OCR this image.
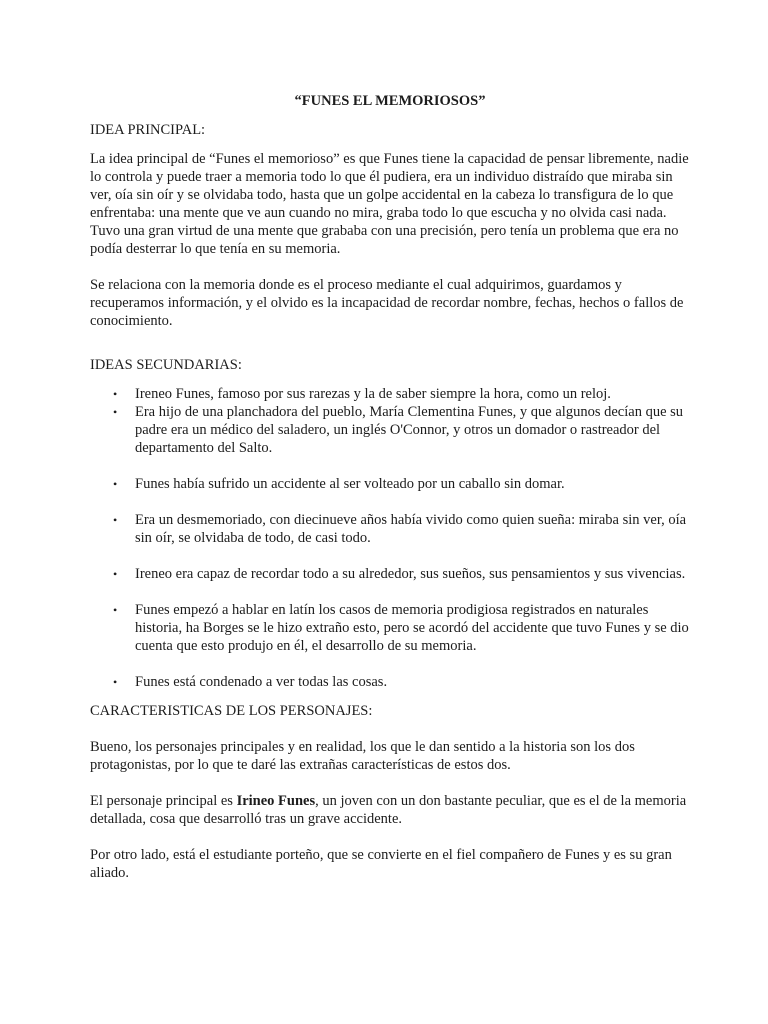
“FUNES EL MEMORIOSOS”
IDEA PRINCIPAL:

La idea principal de “Funes el memorioso” es que Funes tiene la capacidad de pensar libremente, nadie lo controla y puede traer a memoria todo lo que él pudiera, era un individuo distraído que miraba sin ver, oía sin oír y se olvidaba todo, hasta que un golpe accidental en la cabeza lo transfigura de lo que enfrentaba: una mente que ve aun cuando no mira, graba todo lo que escucha y no olvida casi nada. Tuvo una gran virtud de una mente que grababa con una precisión, pero tenía un problema que era no podía desterrar lo que tenía en su memoria.

Se relaciona con la memoria donde es el proceso mediante el cual adquirimos, guardamos y recuperamos información, y el olvido es la incapacidad de recordar nombre, fechas, hechos o fallos de conocimiento.

IDEAS SECUNDARIAS:
• Ireneo Funes, famoso por sus rarezas y la de saber siempre la hora, como un reloj.
• Era hijo de una planchadora del pueblo, María Clementina Funes, y que algunos decían que su padre era un médico del saladero, un inglés O'Connor, y otros un domador o rastreador del departamento del Salto.
• Funes había sufrido un accidente al ser volteado por un caballo sin domar.
• Era un desmemoriado, con diecinueve años había vivido como quien sueña: miraba sin ver, oía sin oír, se olvidaba de todo, de casi todo.
• Ireneo era capaz de recordar todo a su alrededor, sus sueños, sus pensamientos y sus vivencias.
• Funes empezó a hablar en latín los casos de memoria prodigiosa registrados en naturales historia, ha Borges se le hizo extraño esto, pero se acordó del accidente que tuvo Funes y se dio cuenta que esto produjo en él, el desarrollo de su memoria.
• Funes está condenado a ver todas las cosas.
CARACTERISTICAS DE LOS PERSONAJES:

Bueno, los personajes principales y en realidad, los que le dan sentido a la historia son los dos protagonistas, por lo que te daré las extrañas características de estos dos.

El personaje principal es Irineo Funes, un joven con un don bastante peculiar, que es el de la memoria detallada, cosa que desarrolló tras un grave accidente.

Por otro lado, está el estudiante porteño, que se convierte en el fiel compañero de Funes y es su gran aliado.
